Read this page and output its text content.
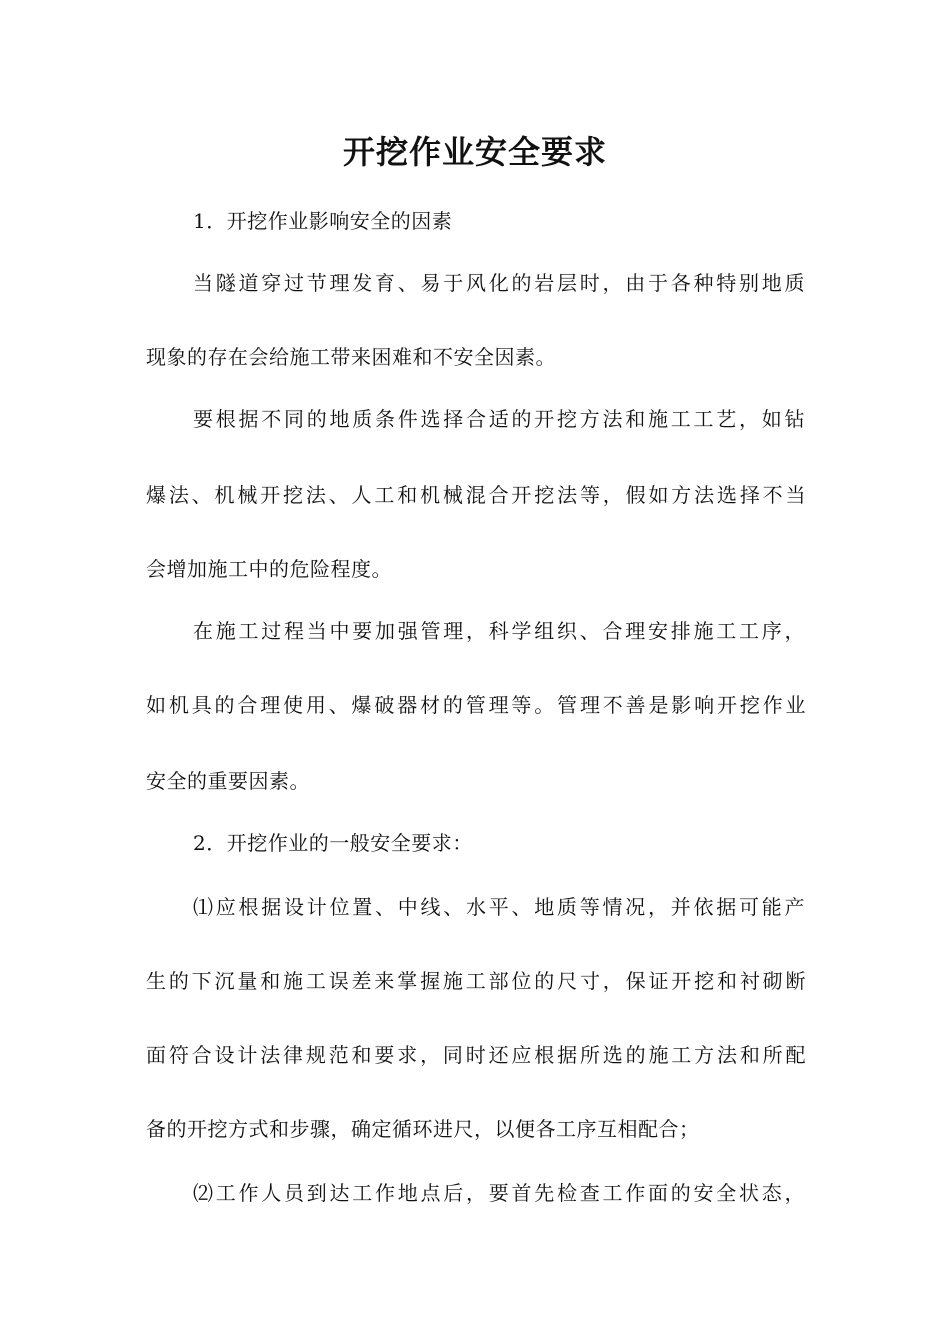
开挖作业安全要求
1．开挖作业影响安全的因素
当隧道穿过节理发育、易于风化的岩层时，由于各种特别地质
现象的存在会给施工带来困难和不安全因素。
要根据不同的地质条件选择合适的开挖方法和施工工艺，如钻
爆法、机械开挖法、人工和机械混合开挖法等，假如方法选择不当
会增加施工中的危险程度。
在施工过程当中要加强管理，科学组织、合理安排施工工序，
如机具的合理使用、爆破器材的管理等。管理不善是影响开挖作业
安全的重要因素。
2．开挖作业的一般安全要求：
⑴应根据设计位置、中线、水平、地质等情况，并依据可能产
生的下沉量和施工误差来掌握施工部位的尺寸，保证开挖和衬砌断
面符合设计法律规范和要求，同时还应根据所选的施工方法和所配
备的开挖方式和步骤，确定循环进尺，以便各工序互相配合；
⑵工作人员到达工作地点后，要首先检查工作面的安全状态，
